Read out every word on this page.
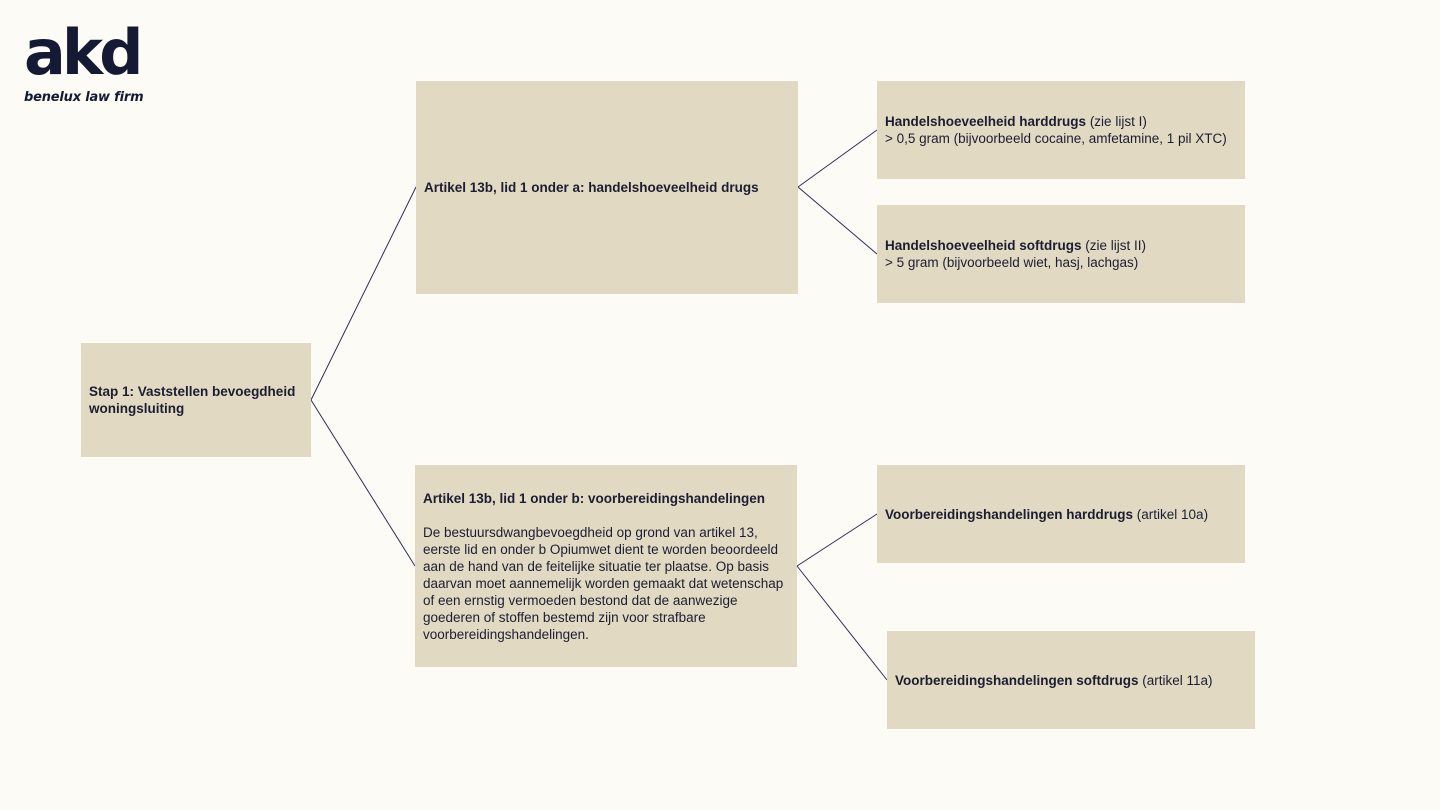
akd
benelux law firm
Stap 1: Vaststellen bevoegdheid woningsluiting
Artikel 13b, lid 1 onder a: handelshoeveelheid drugs
Artikel 13b, lid 1 onder b: voorbereidingshandelingen
De bestuursdwangbevoegdheid op grond van artikel 13, eerste lid en onder b Opiumwet dient te worden beoordeeld aan de hand van de feitelijke situatie ter plaatse. Op basis daarvan moet aannemelijk worden gemaakt dat wetenschap of een ernstig vermoeden bestond dat de aanwezige goederen of stoffen bestemd zijn voor strafbare voorbereidingshandelingen.
Handelshoeveelheid harddrugs (zie lijst I)
> 0,5 gram (bijvoorbeeld cocaine, amfetamine, 1 pil XTC)
Handelshoeveelheid softdrugs (zie lijst II)
> 5 gram (bijvoorbeeld wiet, hasj, lachgas)
Voorbereidingshandelingen harddrugs (artikel 10a)
Voorbereidingshandelingen softdrugs (artikel 11a)
